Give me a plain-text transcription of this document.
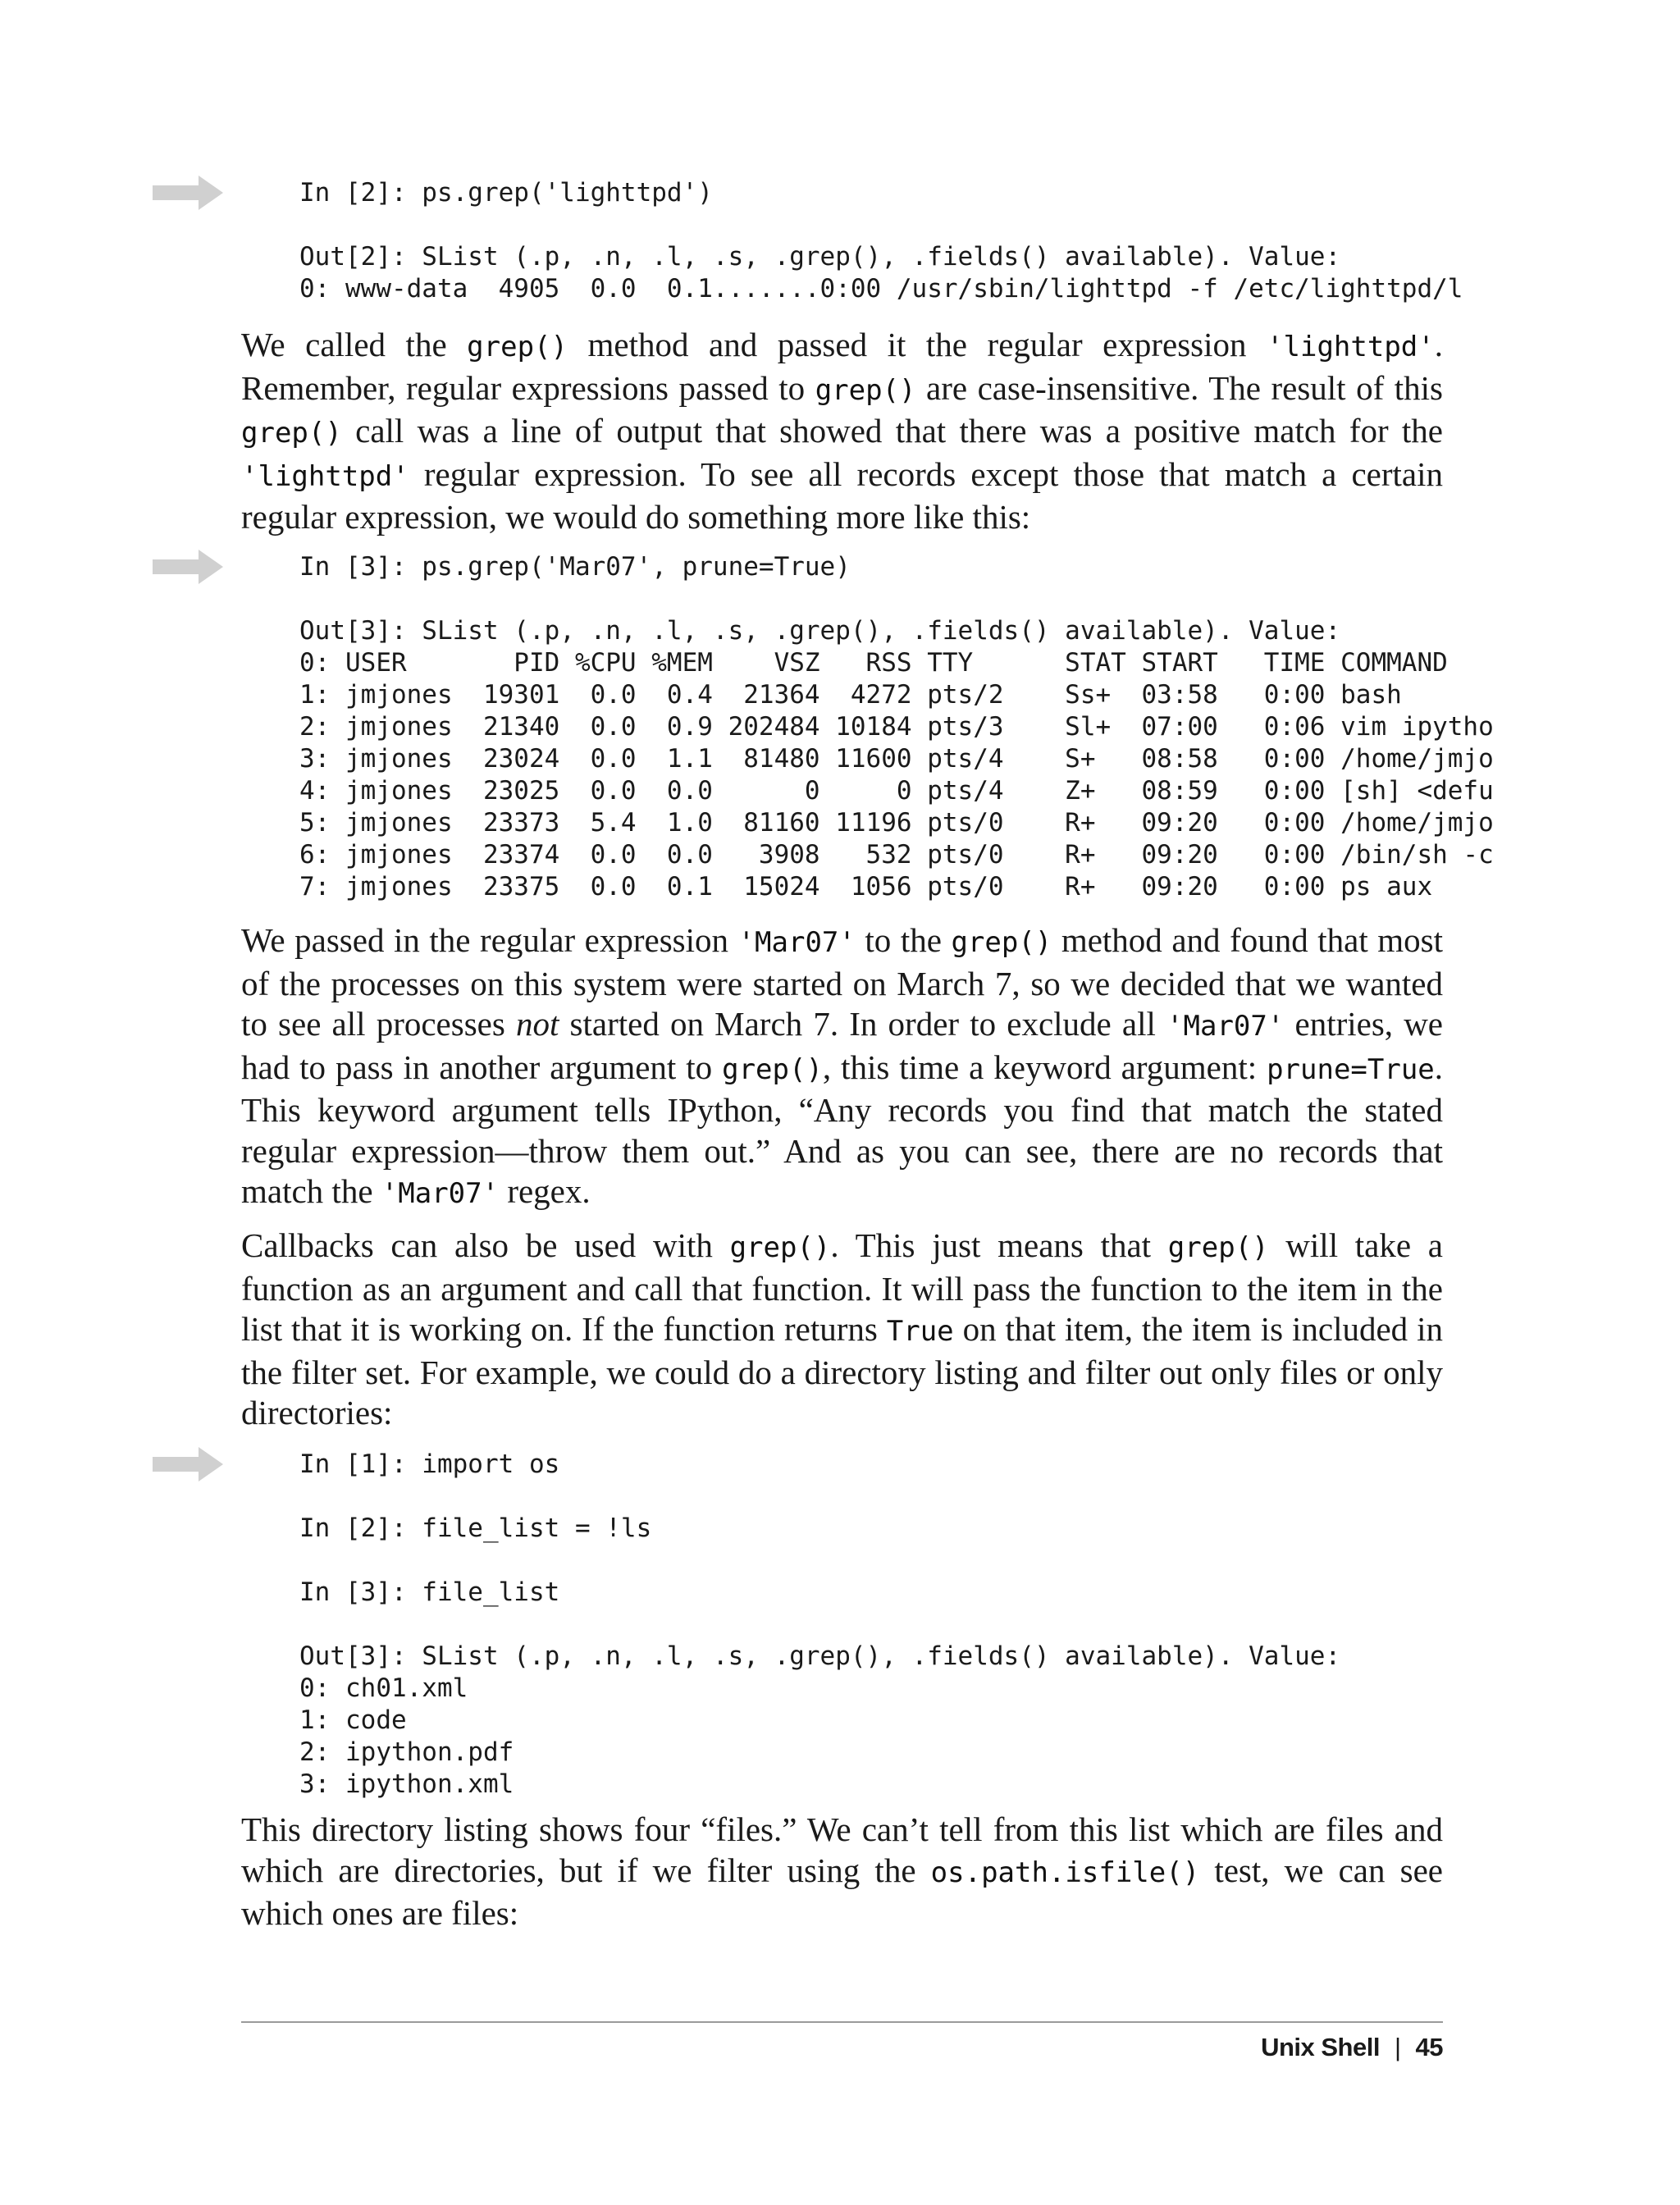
In [2]: ps.grep('lighttpd')

Out[2]: SList (.p, .n, .l, .s, .grep(), .fields() available). Value:
0: www-data  4905  0.0  0.1.......0:00 /usr/sbin/lighttpd -f /etc/lighttpd/l

We called the grep() method and passed it the regular expression 'lighttpd'. Remember, regular expressions passed to grep() are case-insensitive. The result of this grep() call was a line of output that showed that there was a positive match for the 'lighttpd' regular expression. To see all records except those that match a certain regular expression, we would do something more like this:

In [3]: ps.grep('Mar07', prune=True)

Out[3]: SList (.p, .n, .l, .s, .grep(), .fields() available). Value:
0: USER       PID %CPU %MEM    VSZ   RSS TTY      STAT START   TIME COMMAND
1: jmjones  19301  0.0  0.4  21364  4272 pts/2    Ss+  03:58   0:00 bash
2: jmjones  21340  0.0  0.9 202484 10184 pts/3    Sl+  07:00   0:06 vim ipytho
3: jmjones  23024  0.0  1.1  81480 11600 pts/4    S+   08:58   0:00 /home/jmjo
4: jmjones  23025  0.0  0.0      0     0 pts/4    Z+   08:59   0:00 [sh] <defu
5: jmjones  23373  5.4  1.0  81160 11196 pts/0    R+   09:20   0:00 /home/jmjo
6: jmjones  23374  0.0  0.0   3908   532 pts/0    R+   09:20   0:00 /bin/sh -c
7: jmjones  23375  0.0  0.1  15024  1056 pts/0    R+   09:20   0:00 ps aux

We passed in the regular expression 'Mar07' to the grep() method and found that most of the processes on this system were started on March 7, so we decided that we wanted to see all processes not started on March 7. In order to exclude all 'Mar07' entries, we had to pass in another argument to grep(), this time a keyword argument: prune=True. This keyword argument tells IPython, “Any records you find that match the stated regular expression—throw them out.” And as you can see, there are no records that match the 'Mar07' regex.

Callbacks can also be used with grep(). This just means that grep() will take a function as an argument and call that function. It will pass the function to the item in the list that it is working on. If the function returns True on that item, the item is included in the filter set. For example, we could do a directory listing and filter out only files or only directories:

In [1]: import os

In [2]: file_list = !ls

In [3]: file_list

Out[3]: SList (.p, .n, .l, .s, .grep(), .fields() available). Value:
0: ch01.xml
1: code
2: ipython.pdf
3: ipython.xml

This directory listing shows four “files.” We can’t tell from this list which are files and which are directories, but if we filter using the os.path.isfile() test, we can see which ones are files:

Unix Shell | 45
